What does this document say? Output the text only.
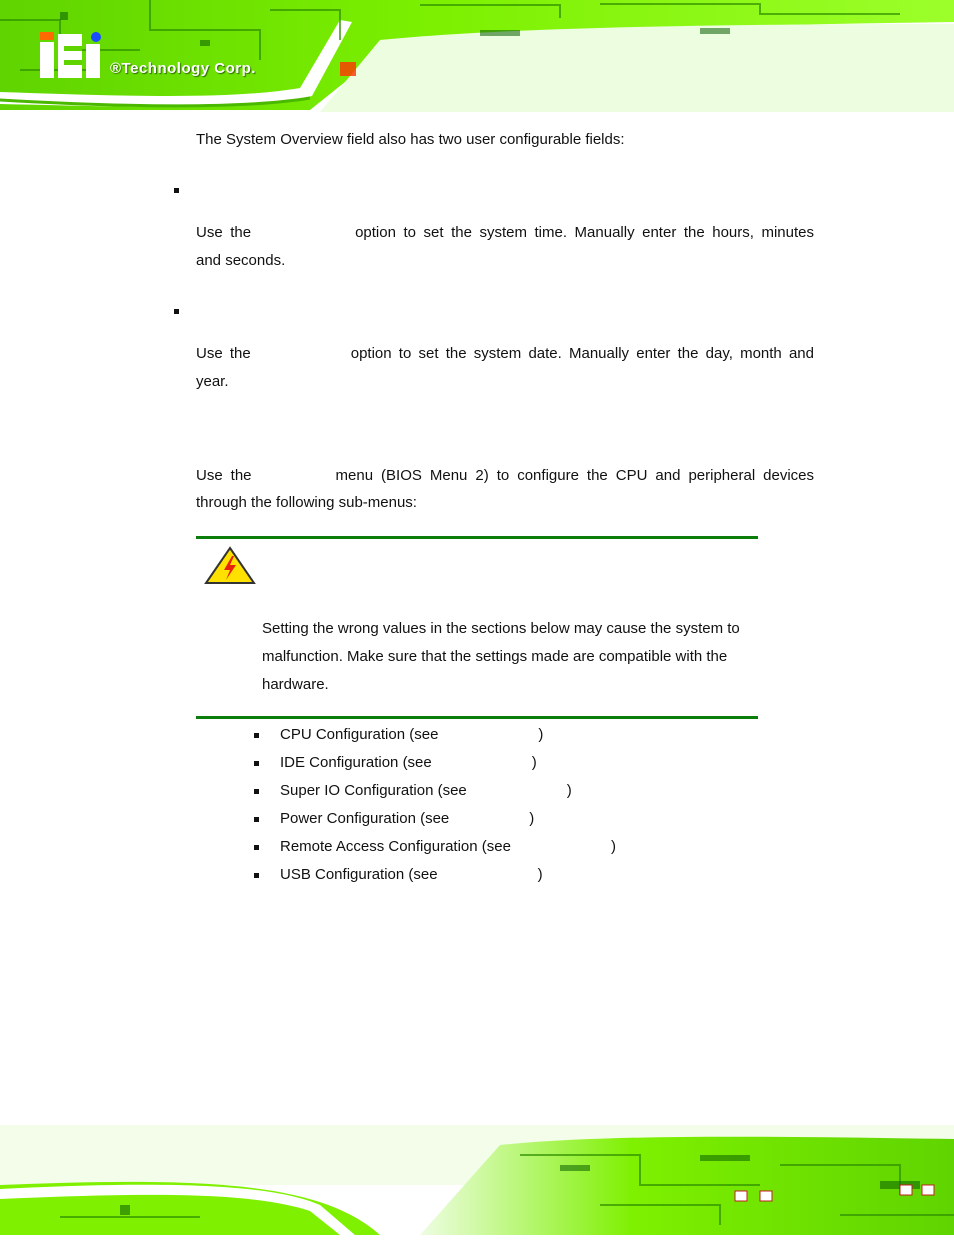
®Technology Corp.

The System Overview field also has two user configurable fields:

Use the	option to set the system time. Manually enter the hours, minutes

and seconds.

Use the	option to set the system date. Manually enter the day, month and

year.

Use the	menu (BIOS Menu 2) to configure the CPU and peripheral devices

through the following sub-menus:

Setting the wrong values in the sections below may cause the system to malfunction. Make sure that the settings made are compatible with the hardware.

CPU Configuration (see	)
IDE Configuration (see	)
Super IO Configuration (see	)
Power Configuration (see	)
Remote Access Configuration (see	)
USB Configuration (see	)
